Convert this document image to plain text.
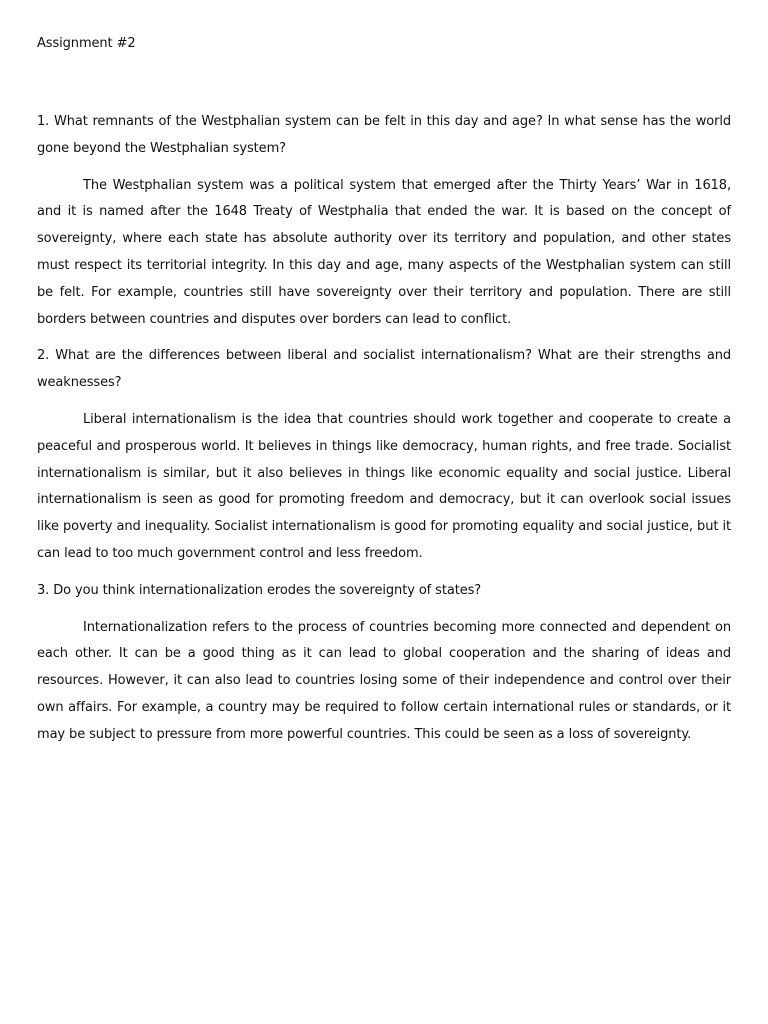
Assignment #2

1. What remnants of the Westphalian system can be felt in this day and age? In what sense has the world gone beyond the Westphalian system?

The Westphalian system was a political system that emerged after the Thirty Years’ War in 1618, and it is named after the 1648 Treaty of Westphalia that ended the war. It is based on the concept of sovereignty, where each state has absolute authority over its territory and population, and other states must respect its territorial integrity. In this day and age, many aspects of the Westphalian system can still be felt. For example, countries still have sovereignty over their territory and population. There are still borders between countries and disputes over borders can lead to conflict.

2. What are the differences between liberal and socialist internationalism? What are their strengths and weaknesses?

Liberal internationalism is the idea that countries should work together and cooperate to create a peaceful and prosperous world. It believes in things like democracy, human rights, and free trade. Socialist internationalism is similar, but it also believes in things like economic equality and social justice. Liberal internationalism is seen as good for promoting freedom and democracy, but it can overlook social issues like poverty and inequality. Socialist internationalism is good for promoting equality and social justice, but it can lead to too much government control and less freedom.

3. Do you think internationalization erodes the sovereignty of states?

Internationalization refers to the process of countries becoming more connected and dependent on each other. It can be a good thing as it can lead to global cooperation and the sharing of ideas and resources. However, it can also lead to countries losing some of their independence and control over their own affairs. For example, a country may be required to follow certain international rules or standards, or it may be subject to pressure from more powerful countries. This could be seen as a loss of sovereignty.
